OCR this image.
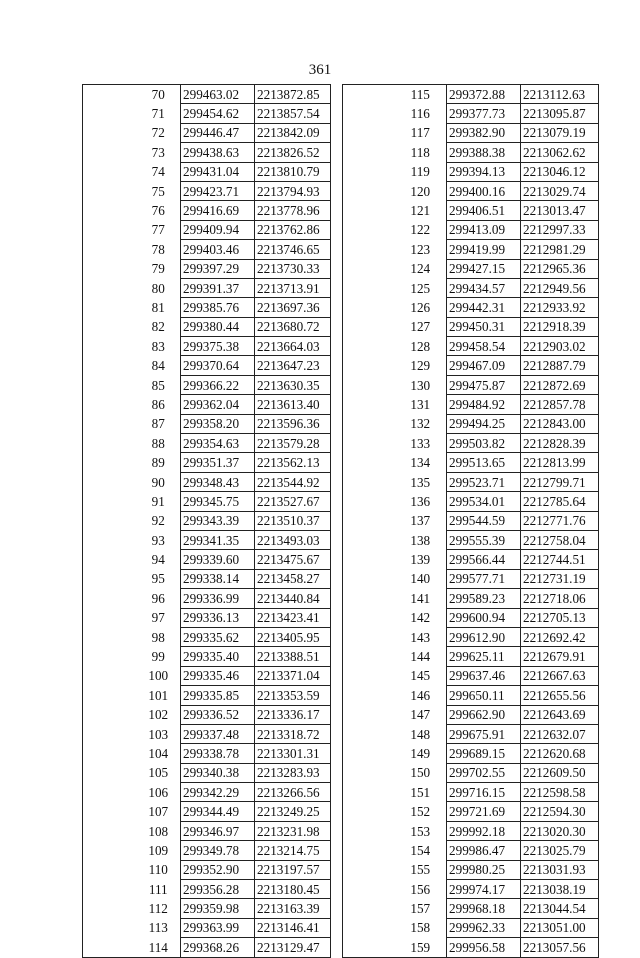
361
	70	299463.02	2213872.85
	71	299454.62	2213857.54
	72	299446.47	2213842.09
	73	299438.63	2213826.52
	74	299431.04	2213810.79
	75	299423.71	2213794.93
	76	299416.69	2213778.96
	77	299409.94	2213762.86
	78	299403.46	2213746.65
	79	299397.29	2213730.33
	80	299391.37	2213713.91
	81	299385.76	2213697.36
	82	299380.44	2213680.72
	83	299375.38	2213664.03
	84	299370.64	2213647.23
	85	299366.22	2213630.35
	86	299362.04	2213613.40
	87	299358.20	2213596.36
	88	299354.63	2213579.28
	89	299351.37	2213562.13
	90	299348.43	2213544.92
	91	299345.75	2213527.67
	92	299343.39	2213510.37
	93	299341.35	2213493.03
	94	299339.60	2213475.67
	95	299338.14	2213458.27
	96	299336.99	2213440.84
	97	299336.13	2213423.41
	98	299335.62	2213405.95
	99	299335.40	2213388.51
	100	299335.46	2213371.04
	101	299335.85	2213353.59
	102	299336.52	2213336.17
	103	299337.48	2213318.72
	104	299338.78	2213301.31
	105	299340.38	2213283.93
	106	299342.29	2213266.56
	107	299344.49	2213249.25
	108	299346.97	2213231.98
	109	299349.78	2213214.75
	110	299352.90	2213197.57
	111	299356.28	2213180.45
	112	299359.98	2213163.39
	113	299363.99	2213146.41
	114	299368.26	2213129.47
	115	299372.88	2213112.63
	116	299377.73	2213095.87
	117	299382.90	2213079.19
	118	299388.38	2213062.62
	119	299394.13	2213046.12
	120	299400.16	2213029.74
	121	299406.51	2213013.47
	122	299413.09	2212997.33
	123	299419.99	2212981.29
	124	299427.15	2212965.36
	125	299434.57	2212949.56
	126	299442.31	2212933.92
	127	299450.31	2212918.39
	128	299458.54	2212903.02
	129	299467.09	2212887.79
	130	299475.87	2212872.69
	131	299484.92	2212857.78
	132	299494.25	2212843.00
	133	299503.82	2212828.39
	134	299513.65	2212813.99
	135	299523.71	2212799.71
	136	299534.01	2212785.64
	137	299544.59	2212771.76
	138	299555.39	2212758.04
	139	299566.44	2212744.51
	140	299577.71	2212731.19
	141	299589.23	2212718.06
	142	299600.94	2212705.13
	143	299612.90	2212692.42
	144	299625.11	2212679.91
	145	299637.46	2212667.63
	146	299650.11	2212655.56
	147	299662.90	2212643.69
	148	299675.91	2212632.07
	149	299689.15	2212620.68
	150	299702.55	2212609.50
	151	299716.15	2212598.58
	152	299721.69	2212594.30
	153	299992.18	2213020.30
	154	299986.47	2213025.79
	155	299980.25	2213031.93
	156	299974.17	2213038.19
	157	299968.18	2213044.54
	158	299962.33	2213051.00
	159	299956.58	2213057.56
